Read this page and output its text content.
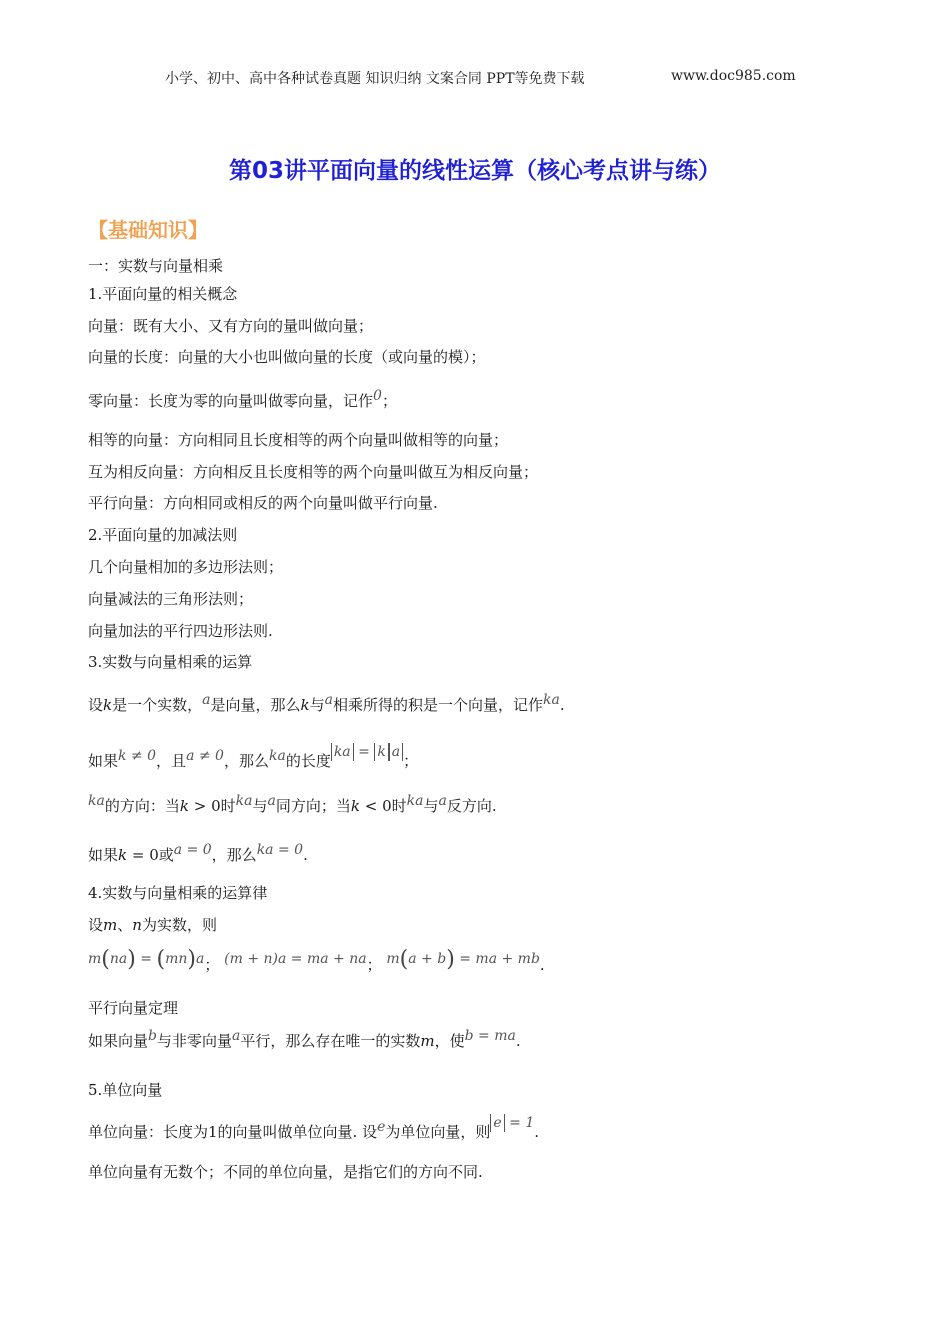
小学、初中、高中各种试卷真题 知识归纳 文案合同 PPT等免费下载	www.doc985.com
第03讲平面向量的线性运算（核心考点讲与练）
【基础知识】
一：实数与向量相乘
1.平面向量的相关概念
向量：既有大小、又有方向的量叫做向量；
向量的长度：向量的大小也叫做向量的长度（或向量的模）；
零向量：长度为零的向量叫做零向量，记作0；
相等的向量：方向相同且长度相等的两个向量叫做相等的向量；
互为相反向量：方向相反且长度相等的两个向量叫做互为相反向量；
平行向量：方向相同或相反的两个向量叫做平行向量.
2.平面向量的加减法则
几个向量相加的多边形法则；
向量减法的三角形法则；
向量加法的平行四边形法则.
3.实数与向量相乘的运算
设k是一个实数，a是向量，那么k与a相乘所得的积是一个向量，记作ka.
如果k ≠ 0，且a ≠ 0，那么ka的长度 ka = k a ；
ka的方向：当k > 0时ka与a同方向；当k < 0时ka与a反方向.
如果k = 0或a = 0，那么ka = 0.
4.实数与向量相乘的运算律
设m、n为实数，则
m(na) = (mn)a； (m + n)a = ma + na； m(a + b) = ma + mb.
平行向量定理
如果向量b与非零向量a平行，那么存在唯一的实数m，使b = ma.
5.单位向量
单位向量：长度为1的向量叫做单位向量. 设e为单位向量，则 e = 1.
单位向量有无数个；不同的单位向量，是指它们的方向不同.
